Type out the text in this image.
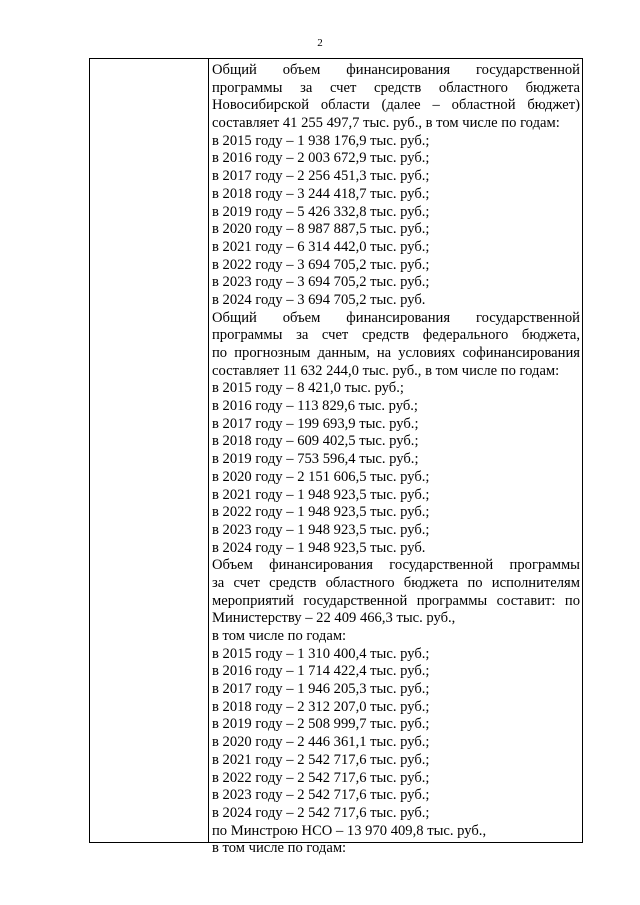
2
Общий объем финансирования государственной
программы за счет средств областного бюджета
Новосибирской области (далее – областной бюджет)
составляет 41 255 497,7 тыс. руб., в том числе по годам:
в 2015 году – 1 938 176,9 тыс. руб.;
в 2016 году – 2 003 672,9 тыс. руб.;
в 2017 году – 2 256 451,3 тыс. руб.;
в 2018 году – 3 244 418,7 тыс. руб.;
в 2019 году – 5 426 332,8 тыс. руб.;
в 2020 году – 8 987 887,5 тыс. руб.;
в 2021 году – 6 314 442,0 тыс. руб.;
в 2022 году – 3 694 705,2 тыс. руб.;
в 2023 году – 3 694 705,2 тыс. руб.;
в 2024 году – 3 694 705,2 тыс. руб.
Общий объем финансирования государственной
программы за счет средств федерального бюджета,
по прогнозным данным, на условиях софинансирования
составляет 11 632 244,0 тыс. руб., в том числе по годам:
в 2015 году – 8 421,0 тыс. руб.;
в 2016 году – 113 829,6 тыс. руб.;
в 2017 году – 199 693,9 тыс. руб.;
в 2018 году – 609 402,5 тыс. руб.;
в 2019 году – 753 596,4 тыс. руб.;
в 2020 году – 2 151 606,5 тыс. руб.;
в 2021 году – 1 948 923,5 тыс. руб.;
в 2022 году – 1 948 923,5 тыс. руб.;
в 2023 году – 1 948 923,5 тыс. руб.;
в 2024 году – 1 948 923,5 тыс. руб.
Объем финансирования государственной программы
за счет средств областного бюджета по исполнителям
мероприятий государственной программы составит: по
Министерству – 22 409 466,3 тыс. руб.,
в том числе по годам:
в 2015 году – 1 310 400,4 тыс. руб.;
в 2016 году – 1 714 422,4 тыс. руб.;
в 2017 году – 1 946 205,3 тыс. руб.;
в 2018 году – 2 312 207,0 тыс. руб.;
в 2019 году – 2 508 999,7 тыс. руб.;
в 2020 году – 2 446 361,1 тыс. руб.;
в 2021 году – 2 542 717,6 тыс. руб.;
в 2022 году – 2 542 717,6 тыс. руб.;
в 2023 году – 2 542 717,6 тыс. руб.;
в 2024 году – 2 542 717,6 тыс. руб.;
по Минстрою НСО – 13 970 409,8 тыс. руб.,
в том числе по годам:
